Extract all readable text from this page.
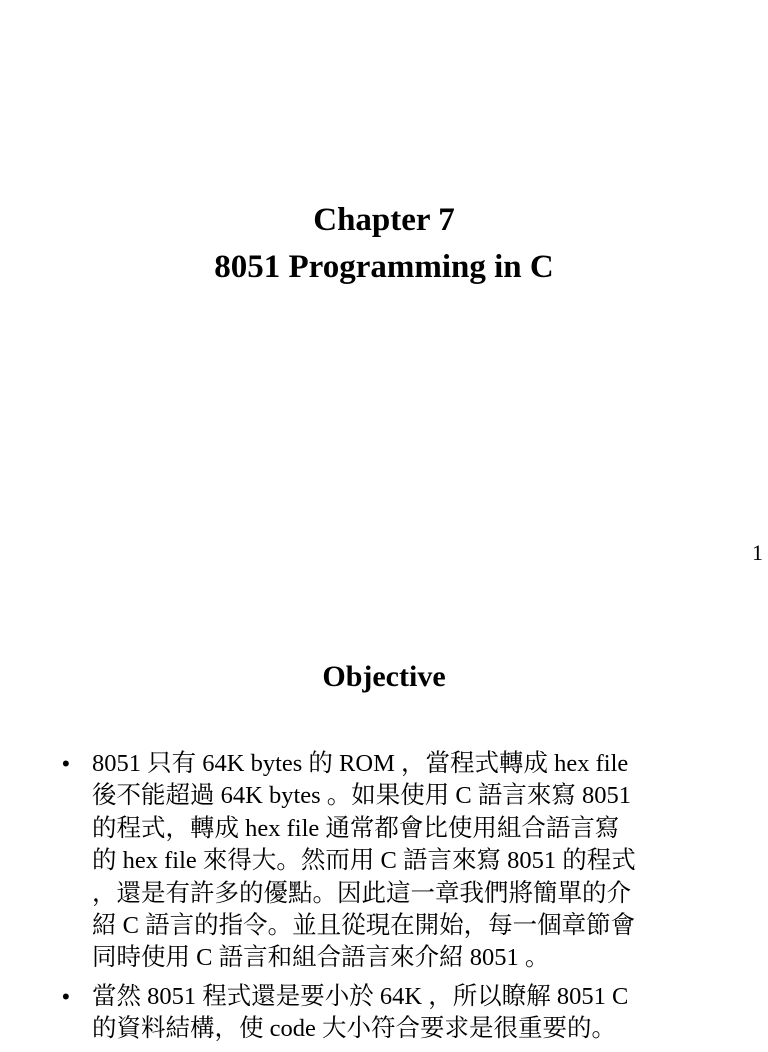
Chapter 7
8051 Programming in C
1
Objective
• 8051 只有 64K bytes 的 ROM ，當程式轉成 hex file
後不能超過 64K bytes 。如果使用 C 語言來寫 8051
的程式，轉成 hex file 通常都會比使用組合語言寫
的 hex file 來得大。然而用 C 語言來寫 8051 的程式
，還是有許多的優點。因此這一章我們將簡單的介
紹 C 語言的指令。並且從現在開始，每一個章節會
同時使用 C 語言和組合語言來介紹 8051 。
• 當然 8051 程式還是要小於 64K ，所以瞭解 8051 C
的資料結構，使 code 大小符合要求是很重要的。
